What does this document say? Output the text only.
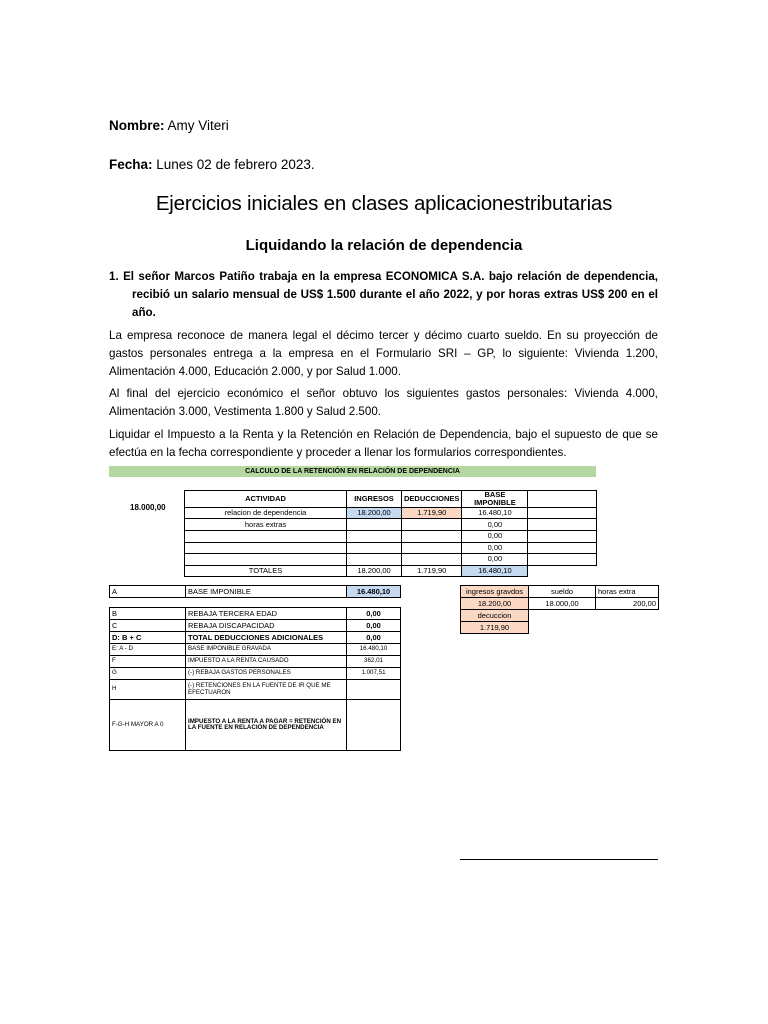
Nombre: Amy Viteri
Fecha: Lunes 02 de febrero 2023.
Ejercicios iniciales en clases aplicacionestributarias
Liquidando la relación de dependencia
1. El señor Marcos Patiño trabaja en la empresa ECONOMICA S.A. bajo relación de dependencia, recibió un salario mensual de US$ 1.500 durante el año 2022, y por horas extras US$ 200 en el año.
La empresa reconoce de manera legal el décimo tercer y décimo cuarto sueldo. En su proyección de gastos personales entrega a la empresa en el Formulario SRI – GP, lo siguiente: Vivienda 1.200, Alimentación 4.000, Educación 2.000, y por Salud 1.000.
Al final del ejercicio económico el señor obtuvo los siguientes gastos personales: Vivienda 4.000, Alimentación 3.000, Vestimenta 1.800 y Salud 2.500.
Liquidar el Impuesto a la Renta y la Retención en Relación de Dependencia, bajo el supuesto de que se efectúa en la fecha correspondiente y proceder a llenar los formularios correspondientes.
CALCULO DE LA RETENCIÓN EN RELACIÓN DE DEPENDENCIA
18.000,00
ACTIVIDAD	INGRESOS	DEDUCCIONES	BASE IMPONIBLE	
relacion de dependencia	18.200,00	1.719,90	16.480,10	
horas extras			0,00	
			0,00	
			0,00	
			0,00	
TOTALES	18.200,00	1.719,90	16.480,10	
A	BASE IMPONIBLE	16.480,10
B	REBAJA TERCERA EDAD	0,00
C	REBAJA DISCAPACIDAD	0,00
D: B + C	TOTAL DEDUCCIONES ADICIONALES	0,00
E: A - D	BASE IMPONIBLE GRAVADA	16.480,10
F	IMPUESTO A LA RENTA CAUSADO	362,01
G	(-) REBAJA GASTOS PERSONALES	1.007,51
H	(-) RETENCIONES EN LA FUENTE DE IR QUE ME EFECTUARON	
F-G-H MAYOR A 0	IMPUESTO A LA RENTA A PAGAR = RETENCIÓN EN LA FUENTE EN RELACIÓN DE DEPENDENCIA	
ingresos gravdos	sueldo	horas extra
18.200,00	18.000,00	200,00
decuccion		
1.719,90		
